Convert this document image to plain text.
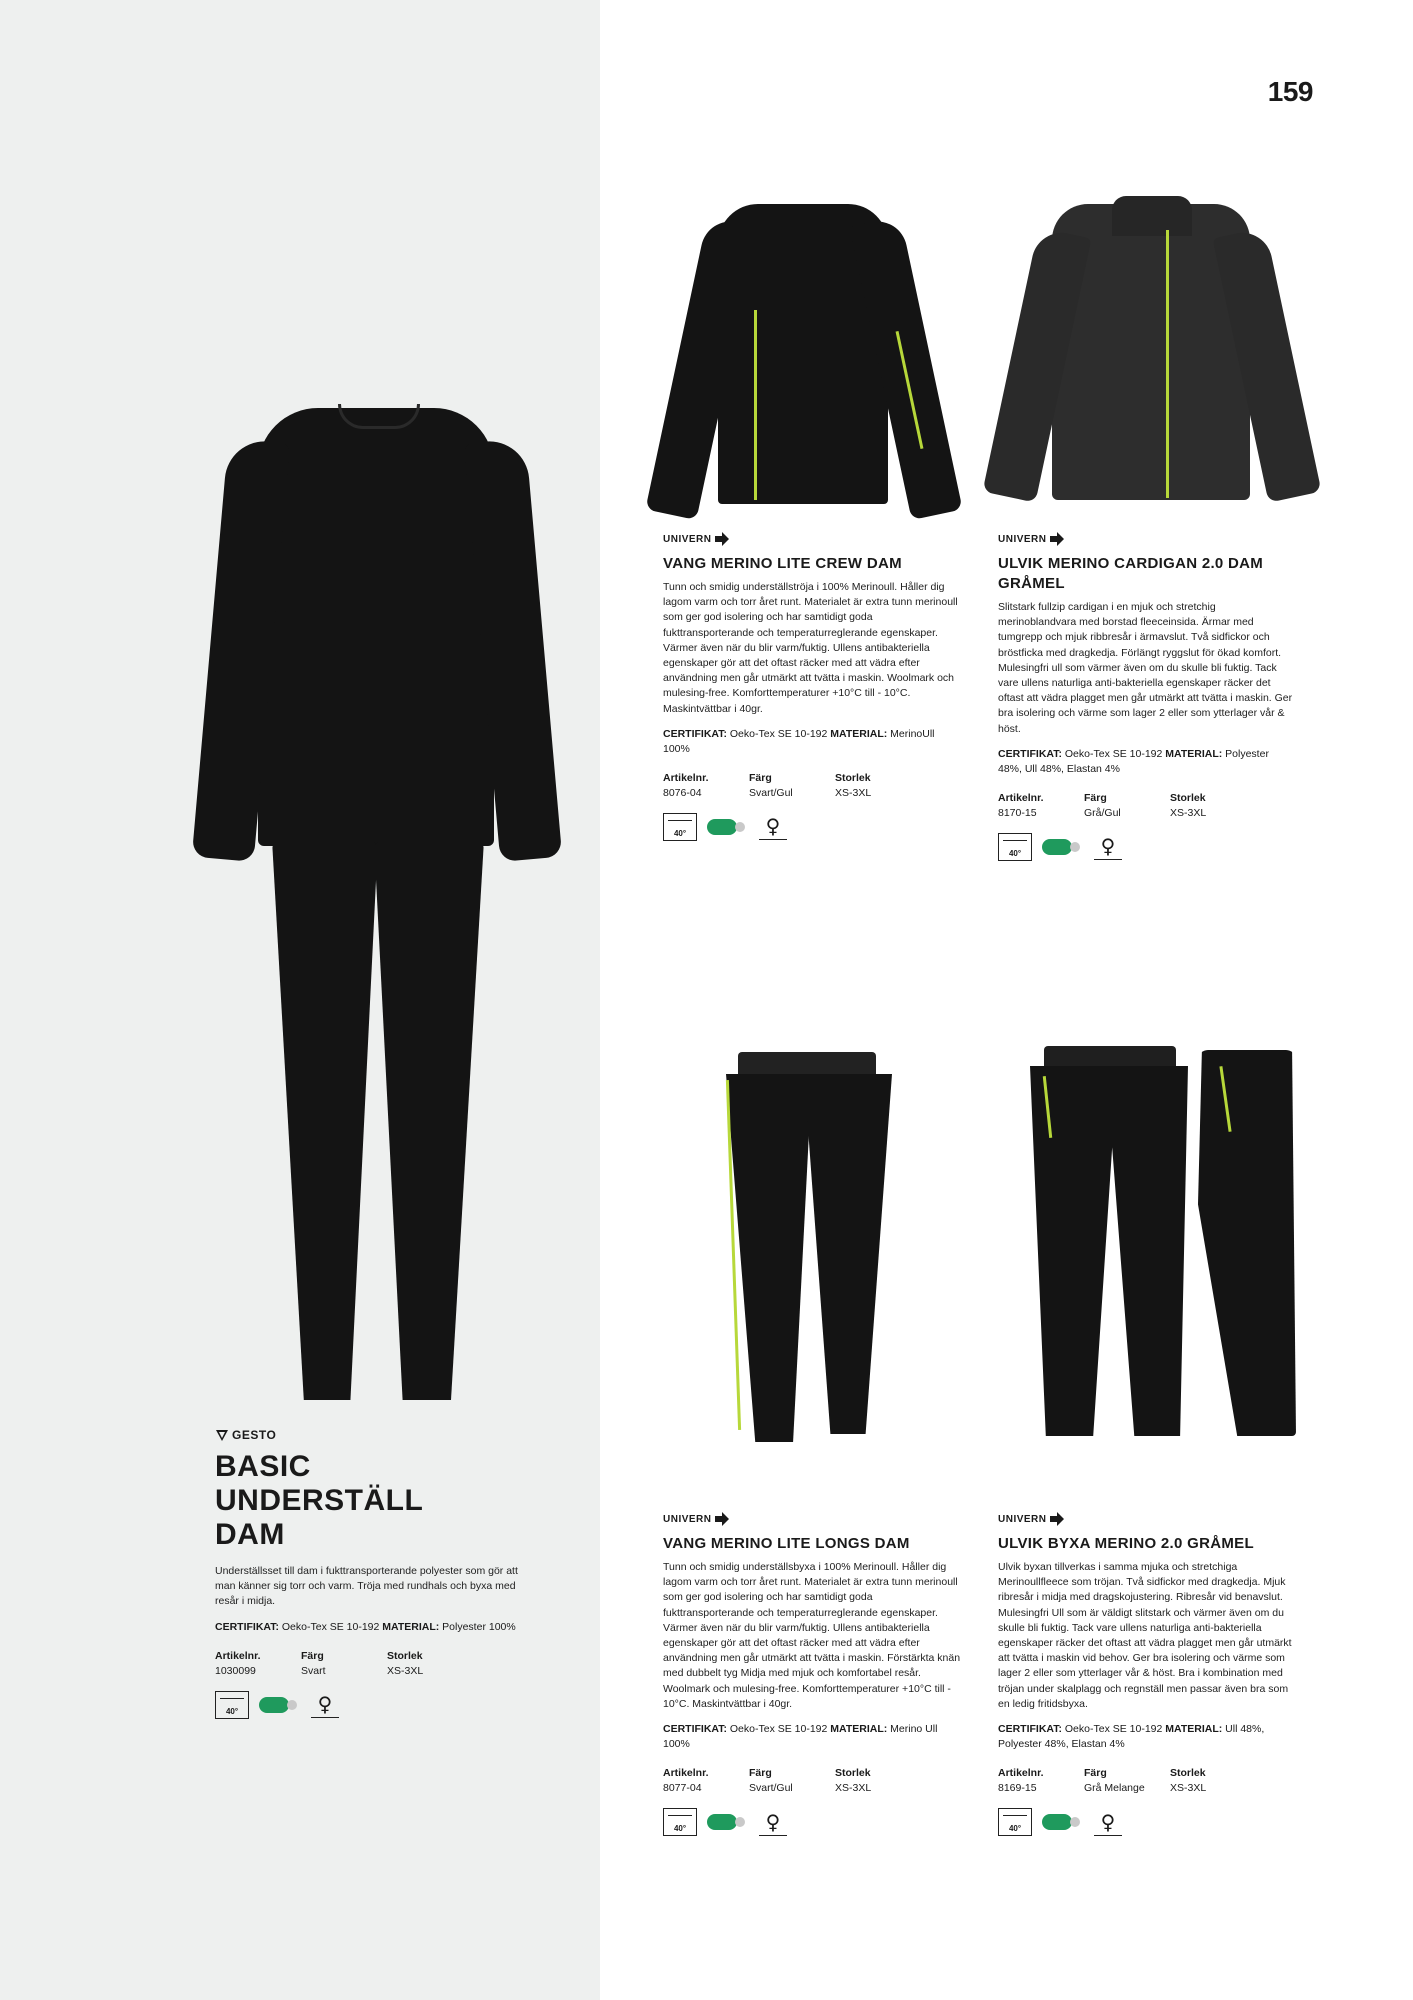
159
GESTO
BASIC UNDERSTÄLL
DAM

Underställsset till dam i fukttransporterande polyester som gör att man känner sig torr och varm. Tröja med rundhals och byxa med resår i midja.

CERTIFIKAT: Oeko-Tex SE 10-192 MATERIAL: Polyester 100%

Artikelnr.	Färg	Storlek
1030099	Svart	XS-3XL
40°	♀
UNIVERN
VANG MERINO LITE CREW DAM

Tunn och smidig underställströja i 100% Merinoull. Håller dig lagom varm och torr året runt. Materialet är extra tunn merinoull som ger god isolering och har samtidigt goda fukttransporterande och temperaturreglerande egenskaper. Värmer även när du blir varm/fuktig. Ullens antibakteriella egenskaper gör att det oftast räcker med att vädra efter användning men går utmärkt att tvätta i maskin. Woolmark och mulesing-free. Komforttemperaturer +10°C till - 10°C. Maskintvättbar i 40gr.

CERTIFIKAT: Oeko-Tex SE 10-192 MATERIAL: MerinoUll 100%

Artikelnr.	Färg	Storlek
8076-04	Svart/Gul	XS-3XL
40°	♀
UNIVERN
ULVIK MERINO CARDIGAN 2.0 DAM
GRÅMEL

Slitstark fullzip cardigan i en mjuk och stretchig merinoblandvara med borstad fleeceinsida. Ärmar med tumgrepp och mjuk ribbresår i ärmavslut. Två sidfickor och bröstficka med dragkedja. Förlängt ryggslut för ökad komfort. Mulesingfri ull som värmer även om du skulle bli fuktig. Tack vare ullens naturliga anti-bakteriella egenskaper räcker det oftast att vädra plagget men går utmärkt att tvätta i maskin. Ger bra isolering och värme som lager 2 eller som ytterlager vår & höst.

CERTIFIKAT: Oeko-Tex SE 10-192 MATERIAL: Polyester 48%, Ull 48%, Elastan 4%

Artikelnr.	Färg	Storlek
8170-15	Grå/Gul	XS-3XL
40°	♀
UNIVERN
VANG MERINO LITE LONGS DAM

Tunn och smidig underställsbyxa i 100% Merinoull. Håller dig lagom varm och torr året runt. Materialet är extra tunn merinoull som ger god isolering och har samtidigt goda fukttransporterande och temperaturreglerande egenskaper. Värmer även när du blir varm/fuktig. Ullens antibakteriella egenskaper gör att det oftast räcker med att vädra efter användning men går utmärkt att tvätta i maskin. Förstärkta knän med dubbelt tyg Midja med mjuk och komfortabel resår. Woolmark och mulesing-free. Komforttemperaturer +10°C till - 10°C. Maskintvättbar i 40gr.

CERTIFIKAT: Oeko-Tex SE 10-192 MATERIAL: Merino Ull 100%

Artikelnr.	Färg	Storlek
8077-04	Svart/Gul	XS-3XL
40°	♀
UNIVERN
ULVIK BYXA MERINO 2.0 GRÅMEL

Ulvik byxan tillverkas i samma mjuka och stretchiga Merinoullfleece som tröjan. Två sidfickor med dragkedja. Mjuk ribresår i midja med dragskojustering. Ribresår vid benavslut. Mulesingfri Ull som är väldigt slitstark och värmer även om du skulle bli fuktig. Tack vare ullens naturliga anti-bakteriella egenskaper räcker det oftast att vädra plagget men går utmärkt att tvätta i maskin vid behov. Ger bra isolering och värme som lager 2 eller som ytterlager vår & höst. Bra i kombination med tröjan under skalplagg och regnställ men passar även bra som en ledig fritidsbyxa.

CERTIFIKAT: Oeko-Tex SE 10-192 MATERIAL: Ull 48%, Polyester 48%, Elastan 4%

Artikelnr.	Färg	Storlek
8169-15	Grå Melange	XS-3XL
40°	♀
